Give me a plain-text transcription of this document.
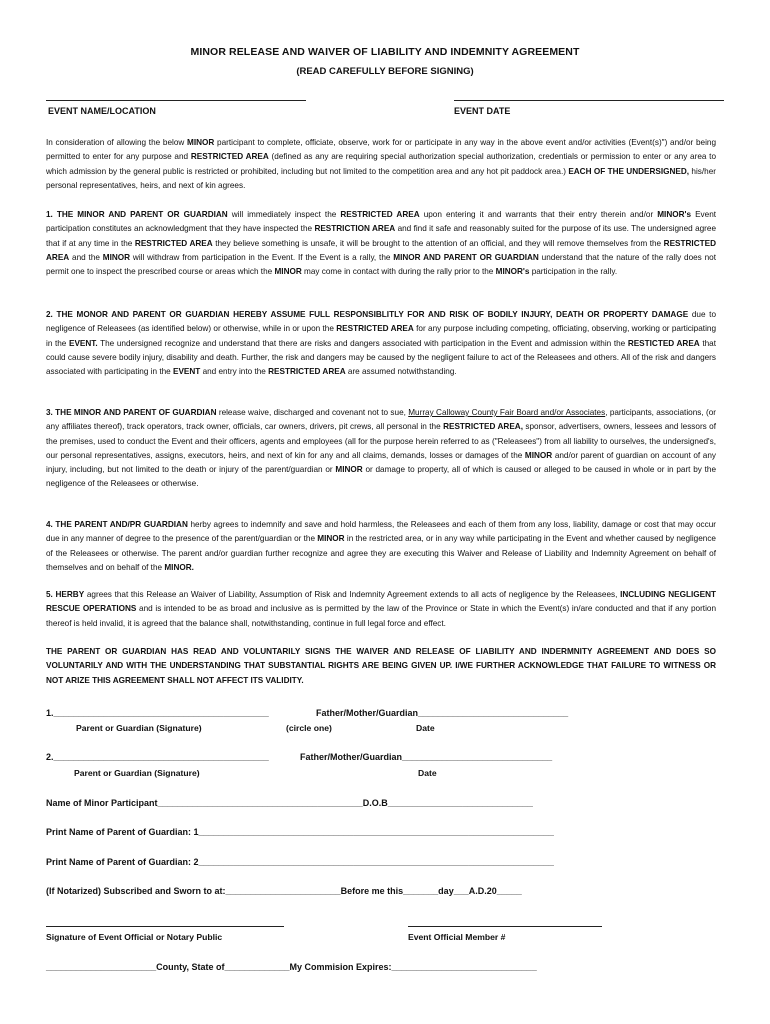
MINOR RELEASE AND WAIVER OF LIABILITY AND INDEMNITY AGREEMENT
(READ CAREFULLY BEFORE SIGNING)
EVENT NAME/LOCATION	EVENT DATE
In consideration of allowing the below MINOR participant to complete, officiate, observe, work for or participate in any way in the above event and/or activities (Event(s)") and/or being permitted to enter for any purpose and RESTRICTED AREA (defined as any are requiring special authorization special authorization, credentials or permission to enter or any area to which admission by the general public is restricted or prohibited, including but not limited to the competition area and any hot pit paddock area.) EACH OF THE UNDERSIGNED, his/her personal representatives, heirs, and next of kin agrees.
1. THE MINOR AND PARENT OR GUARDIAN will immediately inspect the RESTRICTED AREA upon entering it and warrants that their entry therein and/or MINOR's Event participation constitutes an acknowledgment that they have inspected the RESTRICTION AREA and find it safe and reasonably suited for the purpose of its use. The undersigned agree that if at any time in the RESTRICTED AREA they believe something is unsafe, it will be brought to the attention of an official, and they will remove themselves from the RESTRICTED AREA and the MINOR will withdraw from participation in the Event. If the Event is a rally, the MINOR AND PARENT OR GUARDIAN understand that the nature of the rally does not permit one to inspect the prescribed course or areas which the MINOR may come in contact with during the rally prior to the MINOR's participation in the rally.
2. THE MONOR AND PARENT OR GUARDIAN HEREBY ASSUME FULL RESPONSIBLITLY FOR AND RISK OF BODILY INJURY, DEATH OR PROPERTY DAMAGE due to negligence of Releasees (as identified below) or otherwise, while in or upon the RESTRICTED AREA for any purpose including competing, officiating, observing, working or participating in the EVENT. The undersigned recognize and understand that there are risks and dangers associated with participation in the Event and admission within the RESTICTED AREA that could cause severe bodily injury, disability and death. Further, the risk and dangers may be caused by the negligent failure to act of the Releasees and others. All of the risk and dangers associated with participating in the EVENT and entry into the RESTRICTED AREA are assumed notwithstanding.
3. THE MINOR AND PARENT OF GUARDIAN release waive, discharged and covenant not to sue, Murray Calloway County Fair Board and/or Associates, participants, associations, (or any affiliates thereof), track operators, track owner, officials, car owners, drivers, pit crews, all personal in the RESTRICTED AREA, sponsor, advertisers, owners, lessees and lessors of the premises, used to conduct the Event and their officers, agents and employees (all for the purpose herein referred to as ("Releasees") from all liability to ourselves, the undersigned's, our personal representatives, assigns, executors, heirs, and next of kin for any and all claims, demands, losses or damages of the MINOR and/or parent of guardian on account of any injury, including, but not limited to the death or injury of the parent/guardian or MINOR or damage to property, all of which is caused or alleged to be caused in whole or in part by the negligence of the Releasees or otherwise.
4. THE PARENT AND/PR GUARDIAN herby agrees to indemnify and save and hold harmless, the Releasees and each of them from any loss, liability, damage or cost that may occur due in any manner of degree to the presence of the parent/guardian or the MINOR in the restricted area, or in any way while participating in the Event and whether caused by negligence of the Releasees or otherwise. The parent and/or guardian further recognize and agree they are executing this Waiver and Release of Liability and Indemnity Agreement on behalf of themselves and on behalf of the MINOR.
5. HERBY agrees that this Release an Waiver of Liability, Assumption of Risk and Indemnity Agreement extends to all acts of negligence by the Releasees, INCLUDING NEGLIGENT RESCUE OPERATIONS and is intended to be as broad and inclusive as is permitted by the law of the Province or State in which the Event(s) in/are conducted and that if any portion thereof is held invalid, it is agreed that the balance shall, notwithstanding, continue in full legal force and effect.
THE PARENT OR GUARDIAN HAS READ AND VOLUNTARILY SIGNS THE WAIVER AND RELEASE OF LIABILITY AND INDERMNITY AGREEMENT AND DOES SO VOLUNTARILY AND WITH THE UNDERSTANDING THAT SUBSTANTIAL RIGHTS ARE BEING GIVEN UP. I/WE FURTHER ACKNOWLEDGE THAT FAILURE TO WITNESS OR NOT ARIZE THIS AGREEMENT SHALL NOT AFFECT ITS VALIDITY.
1.___________________________________________	Father/Mother/Guardian______________________________
Parent or Guardian (Signature)	(circle one)	Date
2.___________________________________________	Father/Mother/Guardian______________________________
Parent or Guardian (Signature)	Date
Name of Minor Participant_________________________________________D.O.B_____________________________
Print Name of Parent of Guardian: 1_______________________________________________________________________
Print Name of Parent of Guardian: 2_______________________________________________________________________
(If Notarized) Subscribed and Sworn to at:_______________________Before me this_______day___A.D.20_____
Signature of Event Official or Notary Public	Event Official Member #
______________________County, State of_____________My Commision Expires:_____________________________
